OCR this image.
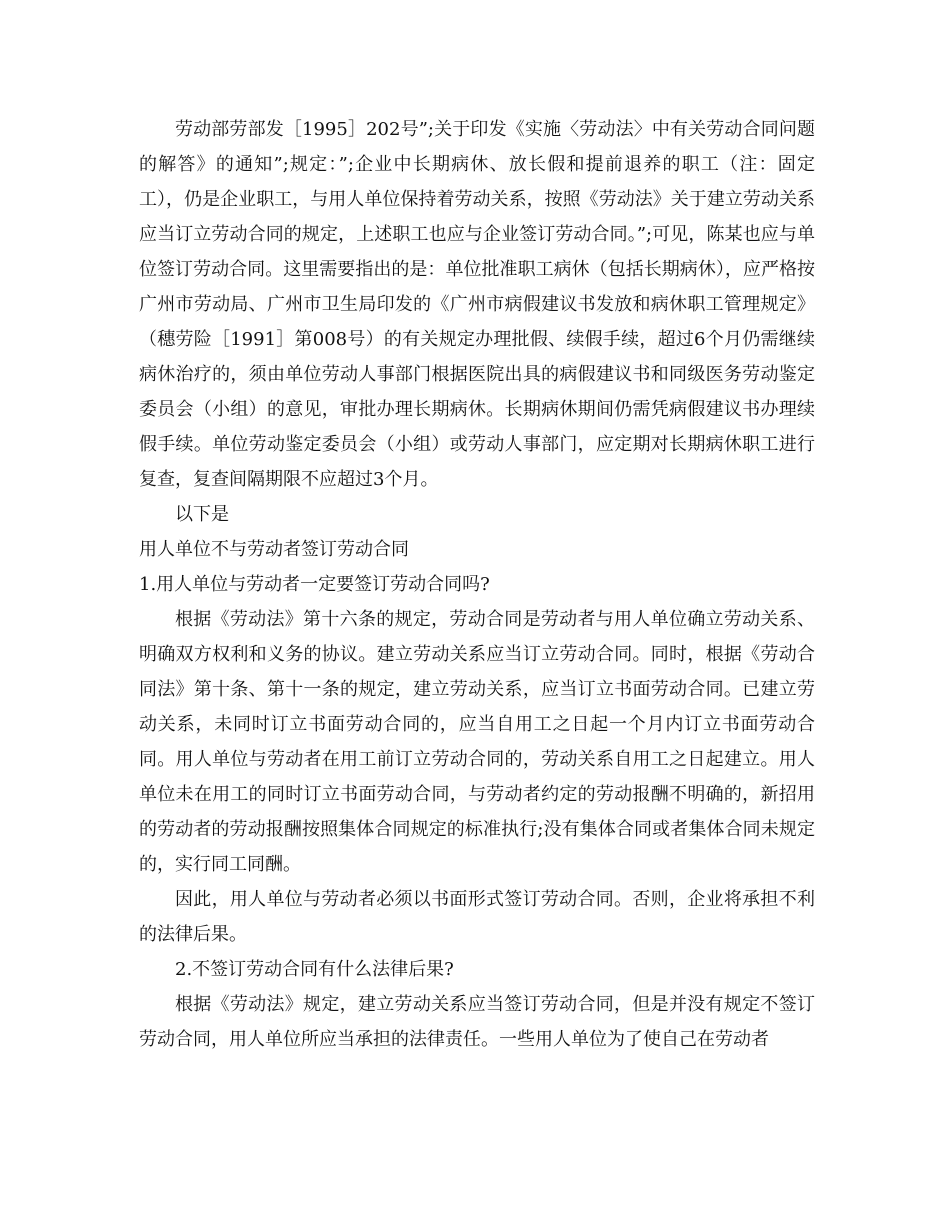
劳动部劳部发［1995］202号”;关于印发《实施〈劳动法〉中有关劳动合同问题的解答》的通知”;规定：”;企业中长期病休、放长假和提前退养的职工（注：固定工），仍是企业职工，与用人单位保持着劳动关系，按照《劳动法》关于建立劳动关系应当订立劳动合同的规定，上述职工也应与企业签订劳动合同。”;可见，陈某也应与单位签订劳动合同。这里需要指出的是：单位批准职工病休（包括长期病休），应严格按广州市劳动局、广州市卫生局印发的《广州市病假建议书发放和病休职工管理规定》（穗劳险［1991］第008号）的有关规定办理批假、续假手续，超过6个月仍需继续病休治疗的，须由单位劳动人事部门根据医院出具的病假建议书和同级医务劳动鉴定委员会（小组）的意见，审批办理长期病休。长期病休期间仍需凭病假建议书办理续假手续。单位劳动鉴定委员会（小组）或劳动人事部门，应定期对长期病休职工进行复查，复查间隔期限不应超过3个月。

以下是

用人单位不与劳动者签订劳动合同

1.用人单位与劳动者一定要签订劳动合同吗?

根据《劳动法》第十六条的规定，劳动合同是劳动者与用人单位确立劳动关系、明确双方权利和义务的协议。建立劳动关系应当订立劳动合同。同时，根据《劳动合同法》第十条、第十一条的规定，建立劳动关系，应当订立书面劳动合同。已建立劳动关系，未同时订立书面劳动合同的，应当自用工之日起一个月内订立书面劳动合同。用人单位与劳动者在用工前订立劳动合同的，劳动关系自用工之日起建立。用人单位未在用工的同时订立书面劳动合同，与劳动者约定的劳动报酬不明确的，新招用的劳动者的劳动报酬按照集体合同规定的标准执行;没有集体合同或者集体合同未规定的，实行同工同酬。

因此，用人单位与劳动者必须以书面形式签订劳动合同。否则，企业将承担不利的法律后果。

2.不签订劳动合同有什么法律后果?

根据《劳动法》规定，建立劳动关系应当签订劳动合同，但是并没有规定不签订劳动合同，用人单位所应当承担的法律责任。一些用人单位为了使自己在劳动者
